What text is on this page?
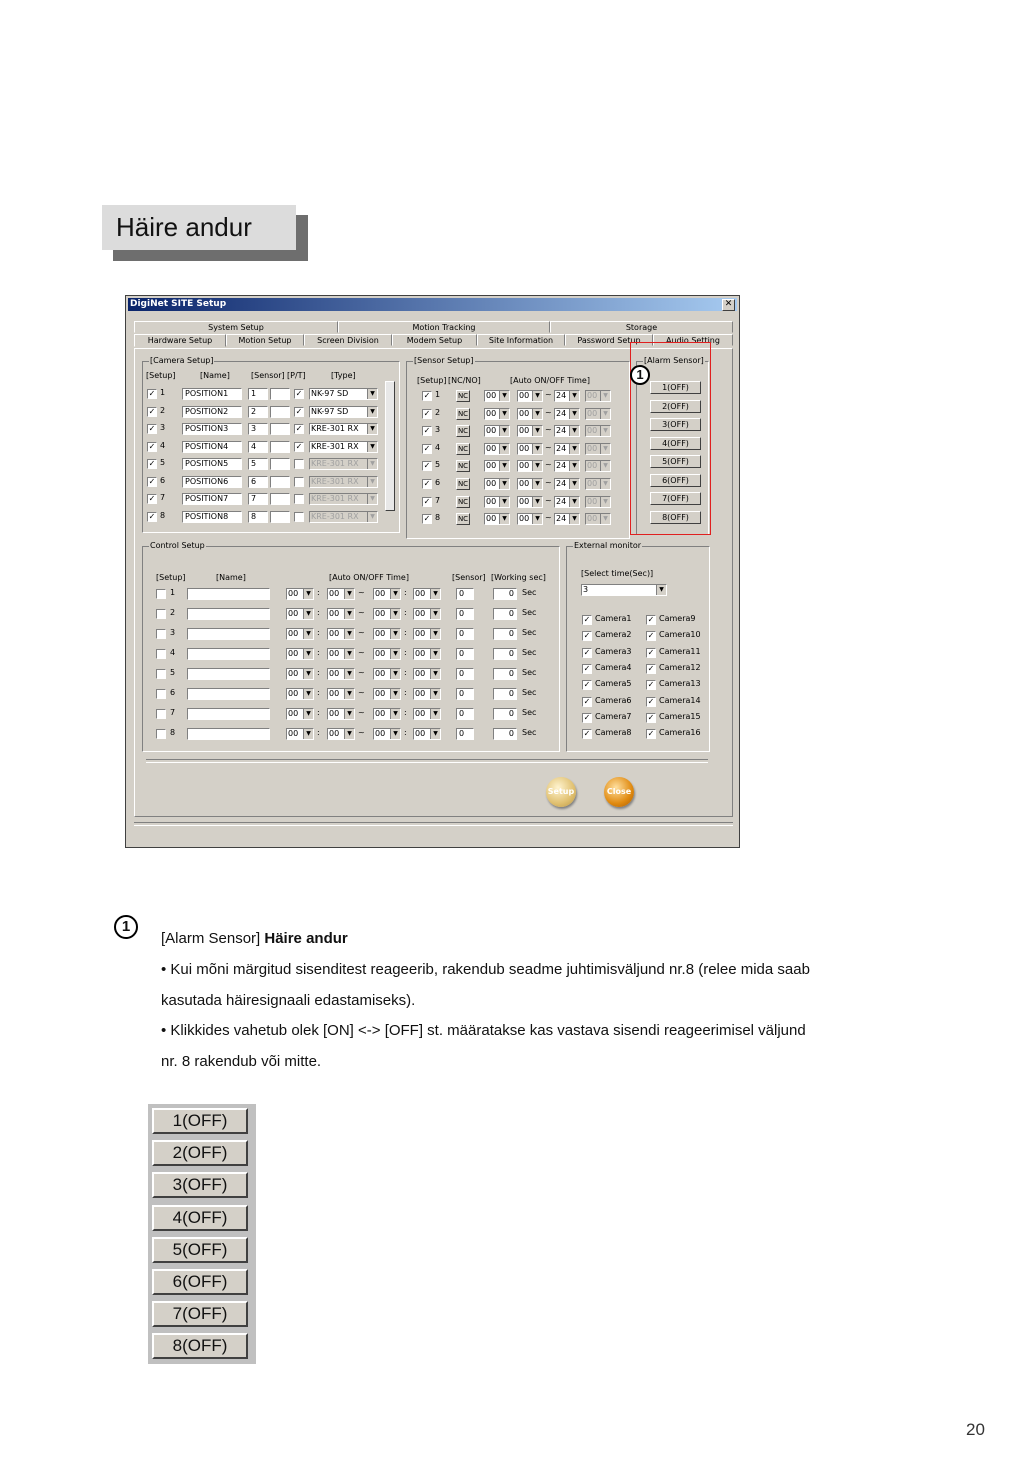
Häire andur
DigiNet SITE Setup	✕
System Setup	Motion Tracking	Storage
Hardware Setup	Motion Setup	Screen Division	Modem Setup	Site Information	Password Setup	Audio Setting
[Camera Setup]
[Setup]	[Name]	[Sensor] [P/T]	[Type]
[Sensor Setup]
[Setup] [NC/NO]	[Auto ON/OFF Time]
[Alarm Sensor]
Control Setup
[Setup]	[Name]	[Auto ON/OFF Time]	[Sensor] [Working sec]
External monitor
[Select time(Sec)]
3	▼
Setup	Close
✓ 1	POSITION1	1	✓ NK-97 SD	▼
✓ 2	POSITION2	2	✓ NK-97 SD	▼
✓ 3	POSITION3	3	✓ KRE-301 RX	▼
✓ 4	POSITION4	4	✓ KRE-301 RX	▼
✓ 5	POSITION5	5	KRE-301 RX	▼
✓ 6	POSITION6	6	KRE-301 RX	▼
✓ 7	POSITION7	7	KRE-301 RX	▼
✓ 8	POSITION8	8	KRE-301 RX	▼
✓ 1	NC 00	▼ 00	▼ ~ 24	▼ 00	▼
✓ 2	NC 00	▼ 00	▼ ~ 24	▼ 00	▼
✓ 3	NC 00	▼ 00	▼ ~ 24	▼ 00	▼
✓ 4	NC 00	▼ 00	▼ ~ 24	▼ 00	▼
✓ 5	NC 00	▼ 00	▼ ~ 24	▼ 00	▼
✓ 6	NC 00	▼ 00	▼ ~ 24	▼ 00	▼
✓ 7	NC 00	▼ 00	▼ ~ 24	▼ 00	▼
✓ 8	NC 00	▼ 00	▼ ~ 24	▼ 00	▼
1(OFF)
2(OFF)
3(OFF)
4(OFF)
5(OFF)
6(OFF)
7(OFF)
8(OFF)
1	00	▼ : 00	▼ ~ 00	▼ : 00	▼	0	0	Sec
2	00	▼ : 00	▼ ~ 00	▼ : 00	▼	0	0	Sec
3	00	▼ : 00	▼ ~ 00	▼ : 00	▼	0	0	Sec
4	00	▼ : 00	▼ ~ 00	▼ : 00	▼	0	0	Sec
5	00	▼ : 00	▼ ~ 00	▼ : 00	▼	0	0	Sec
6	00	▼ : 00	▼ ~ 00	▼ : 00	▼	0	0	Sec
7	00	▼ : 00	▼ ~ 00	▼ : 00	▼	0	0	Sec
8	00	▼ : 00	▼ ~ 00	▼ : 00	▼	0	0	Sec
✓ Camera1 ✓ Camera9
✓ Camera2 ✓ Camera10
✓ Camera3 ✓ Camera11
✓ Camera4 ✓ Camera12
✓ Camera5 ✓ Camera13
✓ Camera6 ✓ Camera14
✓ Camera7 ✓ Camera15
✓ Camera8 ✓ Camera16
1
1
[Alarm Sensor] Häire andur
• Kui mõni märgitud sisenditest reageerib, rakendub seadme juhtimisväljund nr.8 (relee mida saab
kasutada häiresignaali edastamiseks).
• Klikkides vahetub olek [ON] <-> [OFF] st. määratakse kas vastava sisendi reageerimisel väljund
nr. 8 rakendub või mitte.
1(OFF)
2(OFF)
3(OFF)
4(OFF)
5(OFF)
6(OFF)
7(OFF)
8(OFF)
20
